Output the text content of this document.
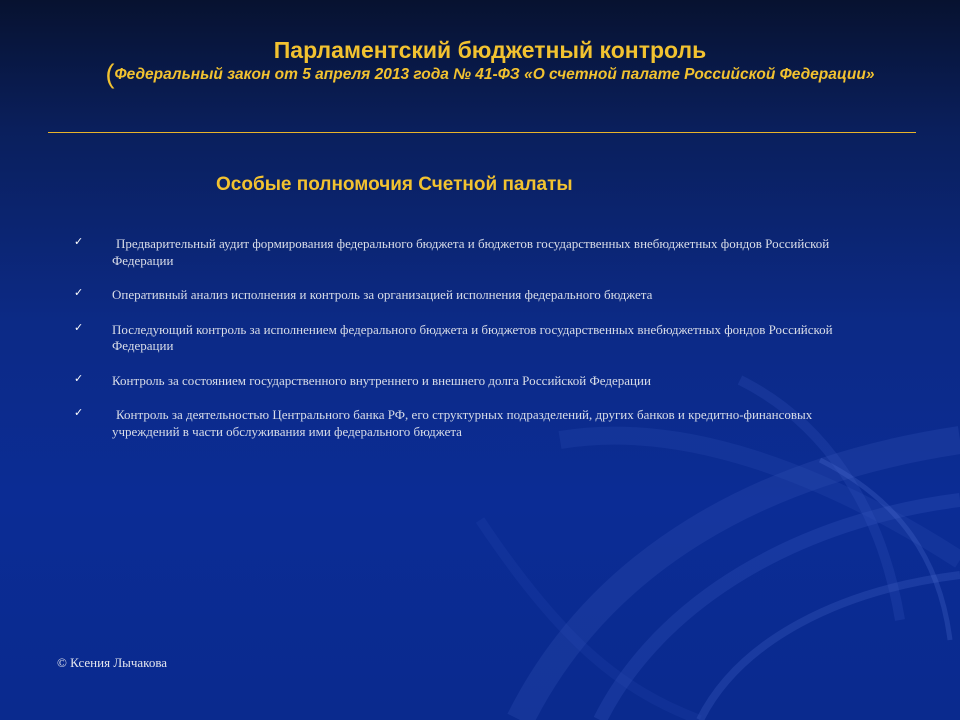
Парламентский бюджетный контроль
(Федеральный закон от 5 апреля 2013 года № 41-ФЗ «О счетной палате Российской Федерации»
Особые полномочия Счетной палаты
✓	Предварительный аудит формирования федерального бюджета и бюджетов государственных внебюджетных фондов Российской Федерации
✓ Оперативный анализ исполнения и контроль за организацией исполнения федерального бюджета
✓ Последующий контроль за исполнением федерального бюджета и бюджетов государственных внебюджетных фондов Российской Федерации
✓ Контроль за состоянием государственного внутреннего и внешнего долга Российской Федерации
✓	Контроль за деятельностью Центрального банка РФ, его структурных подразделений, других банков и кредитно-финансовых учреждений в части обслуживания ими федерального бюджета
© Ксения Лычакова
